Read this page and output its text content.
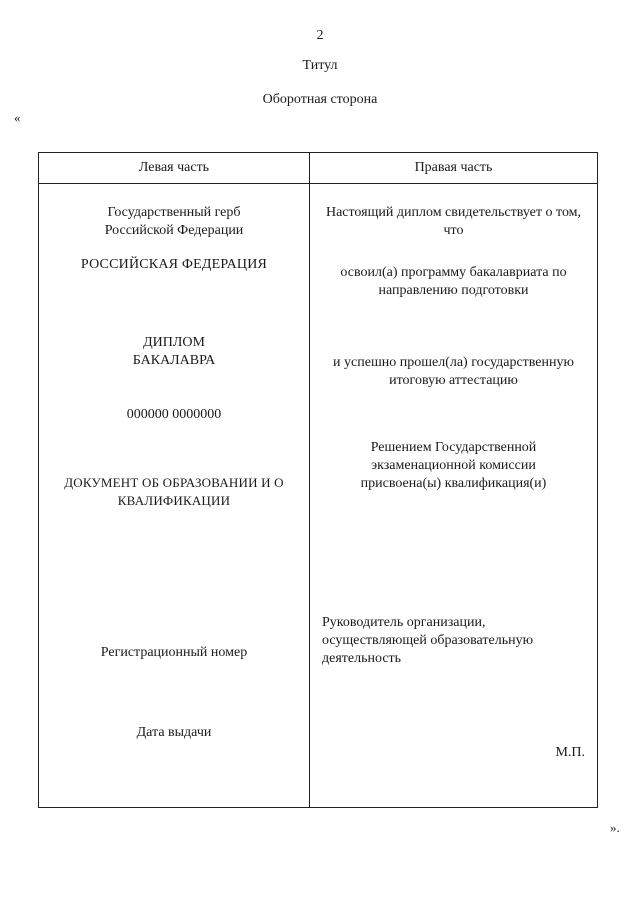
2
Титул
Оборотная сторона
«
».
Левая часть
Государственный герб
Российской Федерации
РОССИЙСКАЯ ФЕДЕРАЦИЯ
ДИПЛОМ
БАКАЛАВРА
000000 0000000
ДОКУМЕНТ ОБ ОБРАЗОВАНИИ И О КВАЛИФИКАЦИИ
Регистрационный номер
Дата выдачи
Правая часть
Настоящий диплом свидетельствует о том, что
освоил(а) программу бакалавриата по направлению подготовки
и успешно прошел(ла) государственную итоговую аттестацию
Решением Государственной экзаменационной комиссии
присвоена(ы) квалификация(и)
Руководитель организации,
осуществляющей образовательную
деятельность
М.П.
